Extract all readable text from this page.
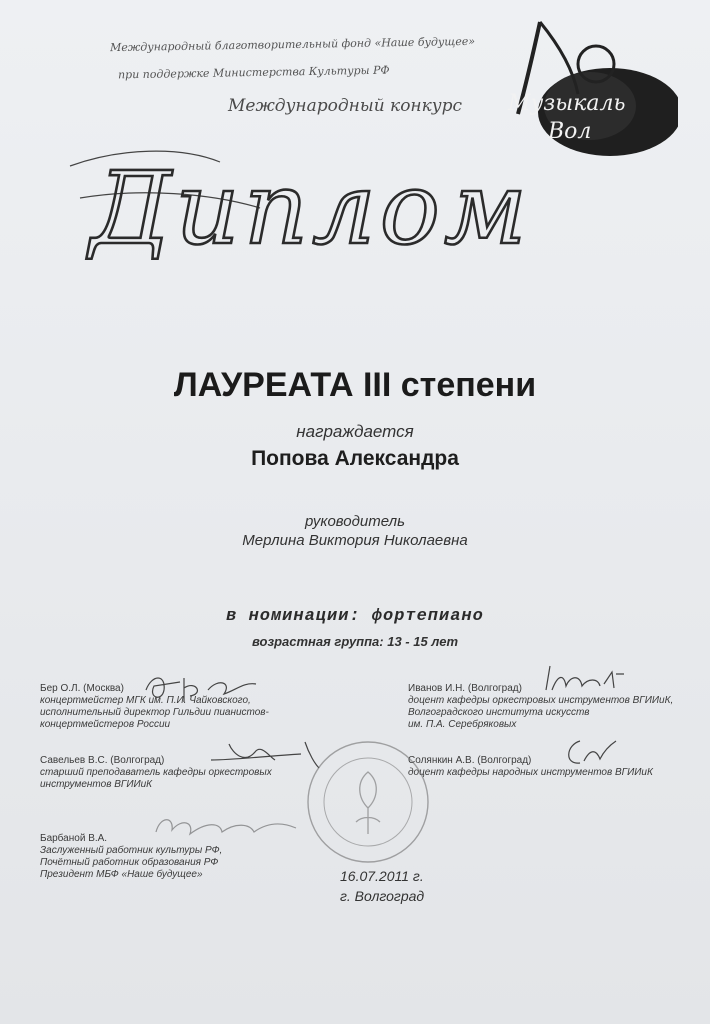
Международный благотворительный фонд «Наше будущее»
при поддержке Министерства Культуры РФ
Международный конкурс Музыкаль
Вол
Диплом
ЛАУРЕАТА III степени
награждается
Попова Александра
руководитель
Мерлина Виктория Николаевна
в номинации: фортепиано
возрастная группа: 13 - 15 лет
Бер О.Л. (Москва)
концертмейстер МГК им. П.И. Чайковского,
исполнительный директор Гильдии пианистов-
концертмейстеров России
Иванов И.Н. (Волгоград)
доцент кафедры оркестровых инструментов ВГИИиК,
Волгоградского института искусств
им. П.А. Серебряковых
Савельев В.С. (Волгоград)
старший преподаватель кафедры оркестровых
инструментов ВГИИиК
Солянкин А.В. (Волгоград)
доцент кафедры народных инструментов ВГИИиК
Барбаной В.А.
Заслуженный работник культуры РФ,
Почётный работник образования РФ
Президент МБФ «Наше будущее»	16.07.2011 г.
г. Волгоград
